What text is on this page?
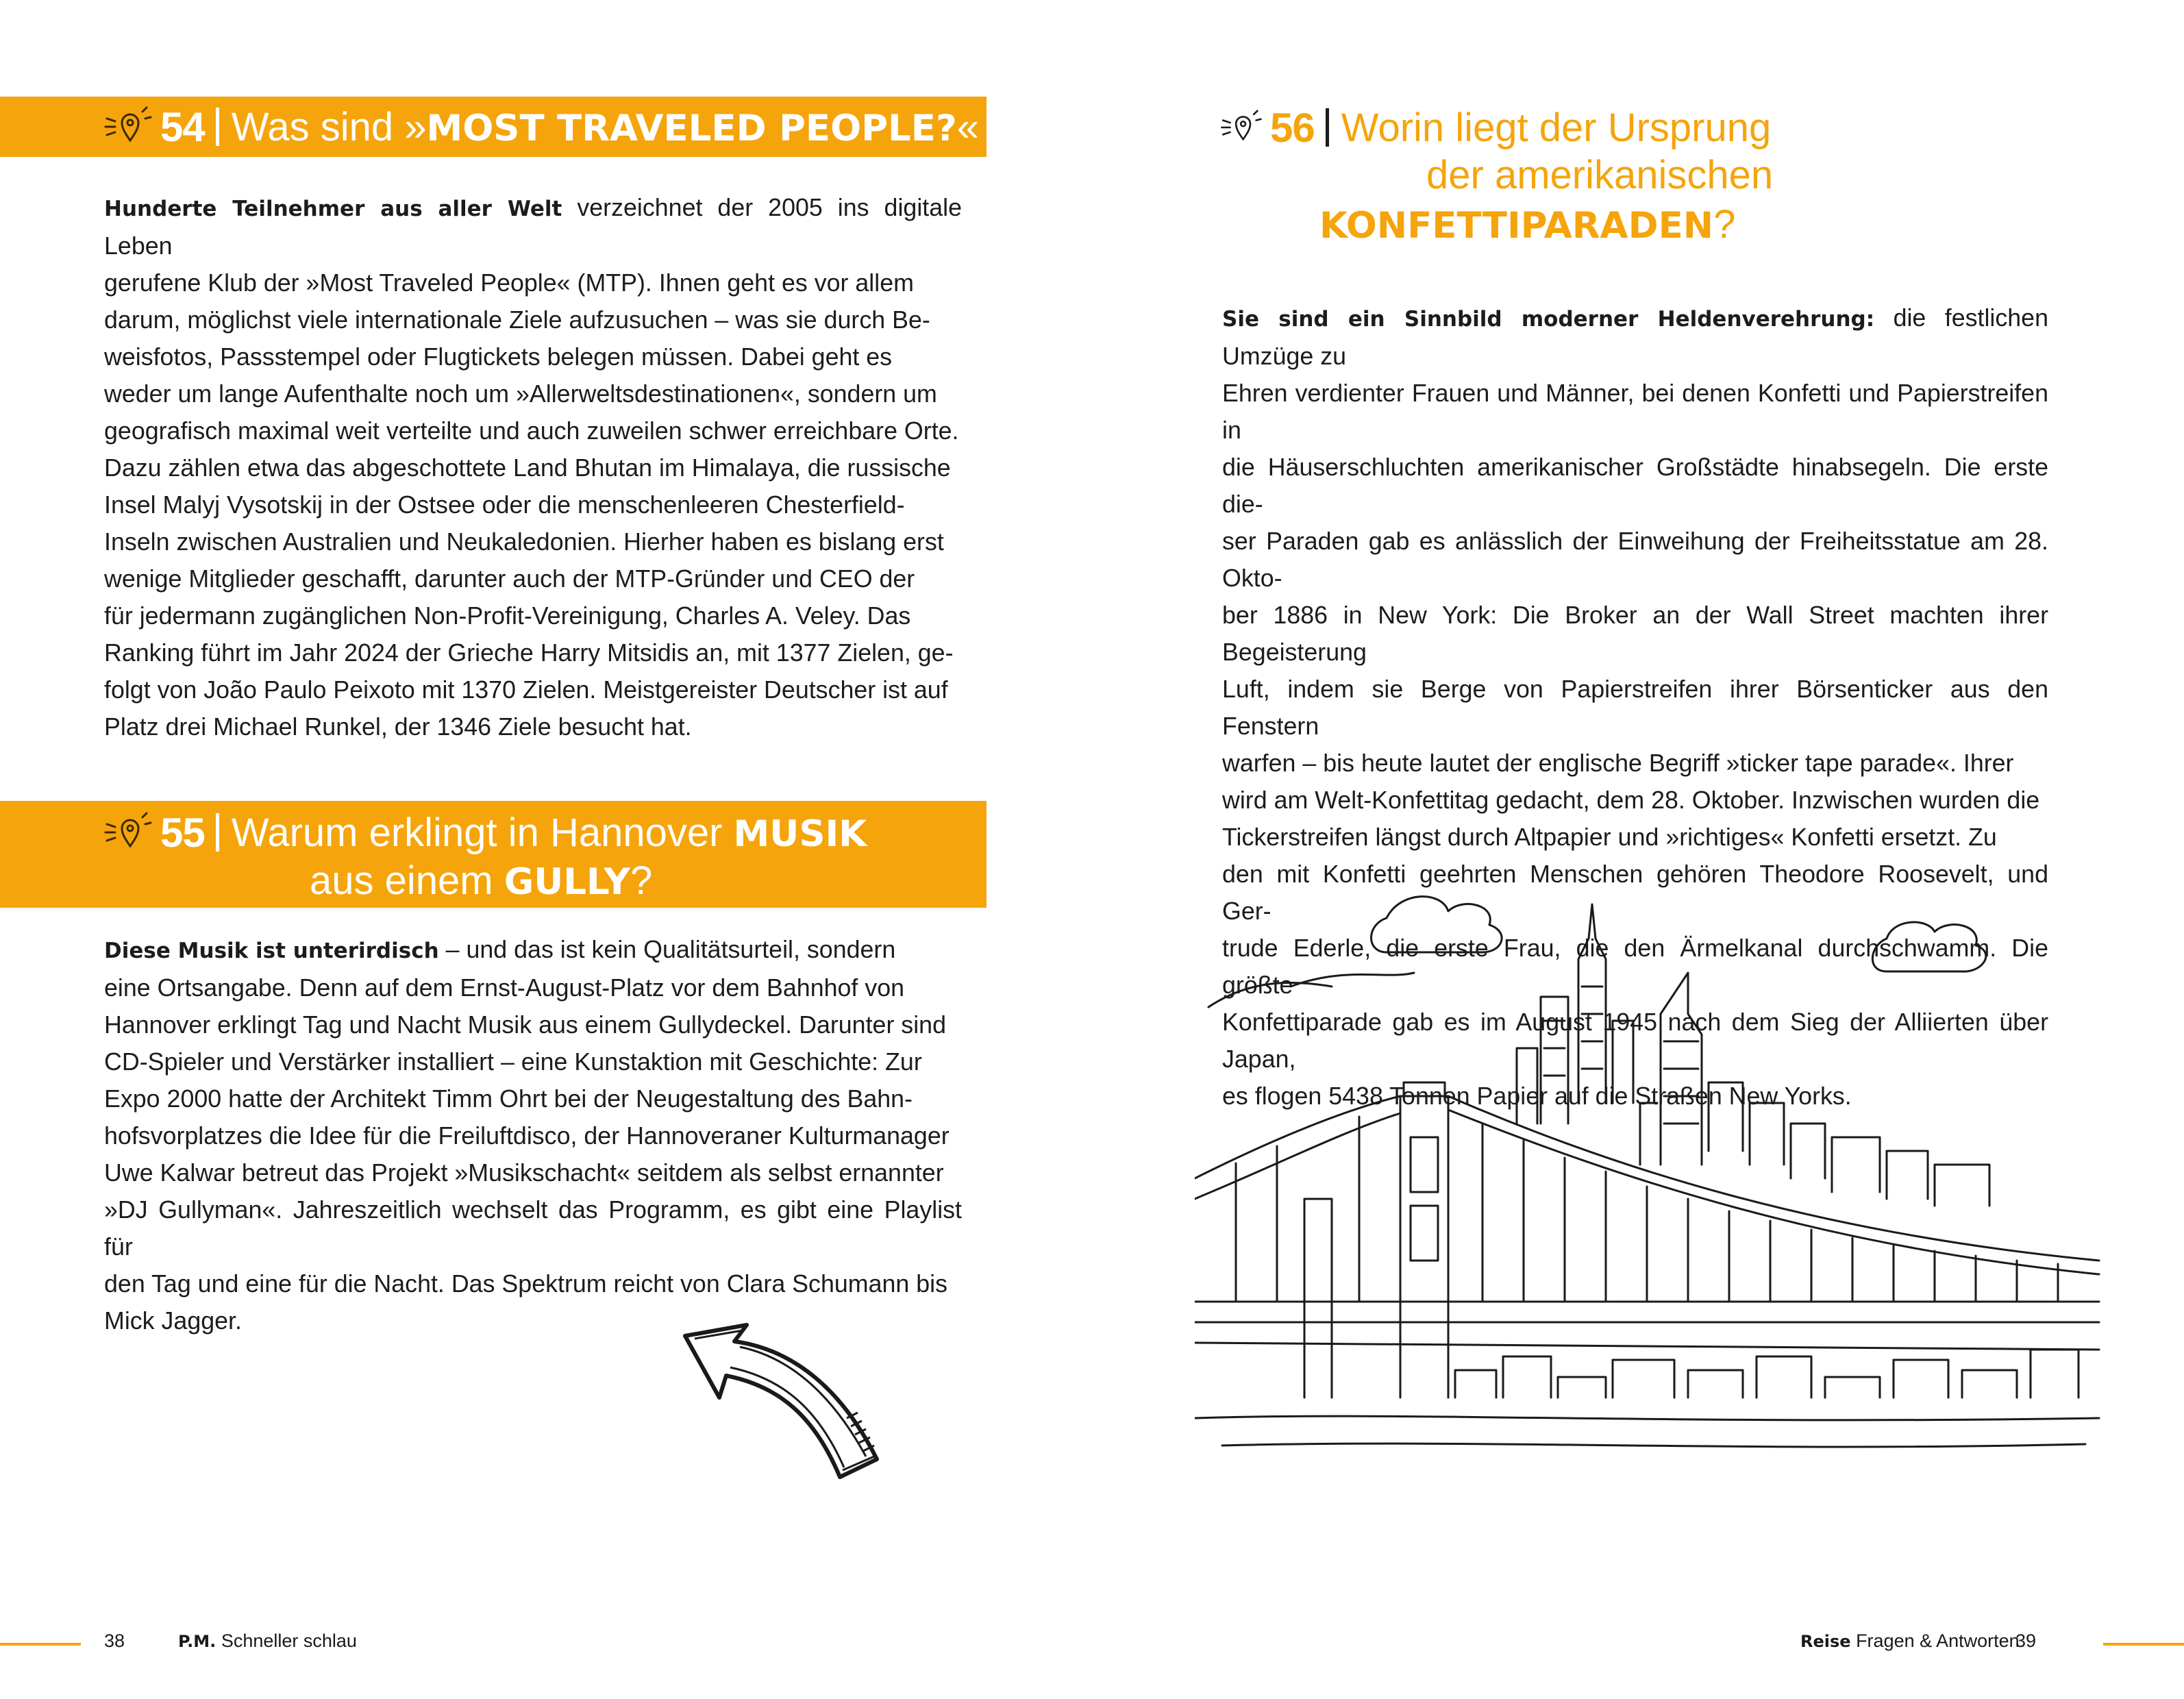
54 Was sind »MOST TRAVELED PEOPLE?«
Hunderte Teilnehmer aus aller Welt verzeichnet der 2005 ins digitale Leben
gerufene Klub der »Most Traveled People« (MTP). Ihnen geht es vor allem
darum, möglichst viele internationale Ziele aufzusuchen – was sie durch Be-
weisfotos, Passstempel oder Flugtickets belegen müssen. Dabei geht es
weder um lange Aufenthalte noch um »Allerweltsdestinationen«, sondern um
geografisch maximal weit verteilte und auch zuweilen schwer erreichbare Orte.
Dazu zählen etwa das abgeschottete Land Bhutan im Himalaya, die russische
Insel Malyj Vysotskij in der Ostsee oder die menschenleeren Chesterfield-
Inseln zwischen Australien und Neukaledonien. Hierher haben es bislang erst
wenige Mitglieder geschafft, darunter auch der MTP-Gründer und CEO der
für jedermann zugänglichen Non-Profit-Vereinigung, Charles A. Veley. Das
Ranking führt im Jahr 2024 der Grieche Harry Mitsidis an, mit 1377 Zielen, ge-
folgt von João Paulo Peixoto mit 1370 Zielen. Meistgereister Deutscher ist auf
Platz drei Michael Runkel, der 1346 Ziele besucht hat.
55 Warum erklingt in Hannover MUSIK
aus einem GULLY?
Diese Musik ist unterirdisch – und das ist kein Qualitätsurteil, sondern
eine Ortsangabe. Denn auf dem Ernst-August-Platz vor dem Bahnhof von
Hannover erklingt Tag und Nacht Musik aus einem Gullydeckel. Darunter sind
CD-Spieler und Verstärker installiert – eine Kunstaktion mit Geschichte: Zur
Expo 2000 hatte der Architekt Timm Ohrt bei der Neugestaltung des Bahn-
hofsvorplatzes die Idee für die Freiluftdisco, der Hannoveraner Kulturmanager
Uwe Kalwar betreut das Projekt »Musikschacht« seitdem als selbst ernannter
»DJ Gullyman«. Jahreszeitlich wechselt das Programm, es gibt eine Playlist für
den Tag und eine für die Nacht. Das Spektrum reicht von Clara Schumann bis
Mick Jagger.
38	P.M. Schneller schlau
56 Worin liegt der Ursprung
der amerikanischen
KONFETTIPARADEN?
Sie sind ein Sinnbild moderner Heldenverehrung: die festlichen Umzüge zu
Ehren verdienter Frauen und Männer, bei denen Konfetti und Papierstreifen in
die Häuserschluchten amerikanischer Großstädte hinabsegeln. Die erste die-
ser Paraden gab es anlässlich der Einweihung der Freiheitsstatue am 28. Okto-
ber 1886 in New York: Die Broker an der Wall Street machten ihrer Begeisterung
Luft, indem sie Berge von Papierstreifen ihrer Börsenticker aus den Fenstern
warfen – bis heute lautet der englische Begriff »ticker tape parade«. Ihrer
wird am Welt-Konfettitag gedacht, dem 28. Oktober. Inzwischen wurden die
Tickerstreifen längst durch Altpapier und »richtiges« Konfetti ersetzt. Zu
den mit Konfetti geehrten Menschen gehören Theodore Roosevelt, und Ger-
trude Ederle, die erste Frau, die den Ärmelkanal durchschwamm. Die größte
Konfettiparade gab es im August 1945 nach dem Sieg der Alliierten über Japan,
es flogen 5438 Tonnen Papier auf die Straßen New Yorks.
Reise Fragen & Antworten
39
